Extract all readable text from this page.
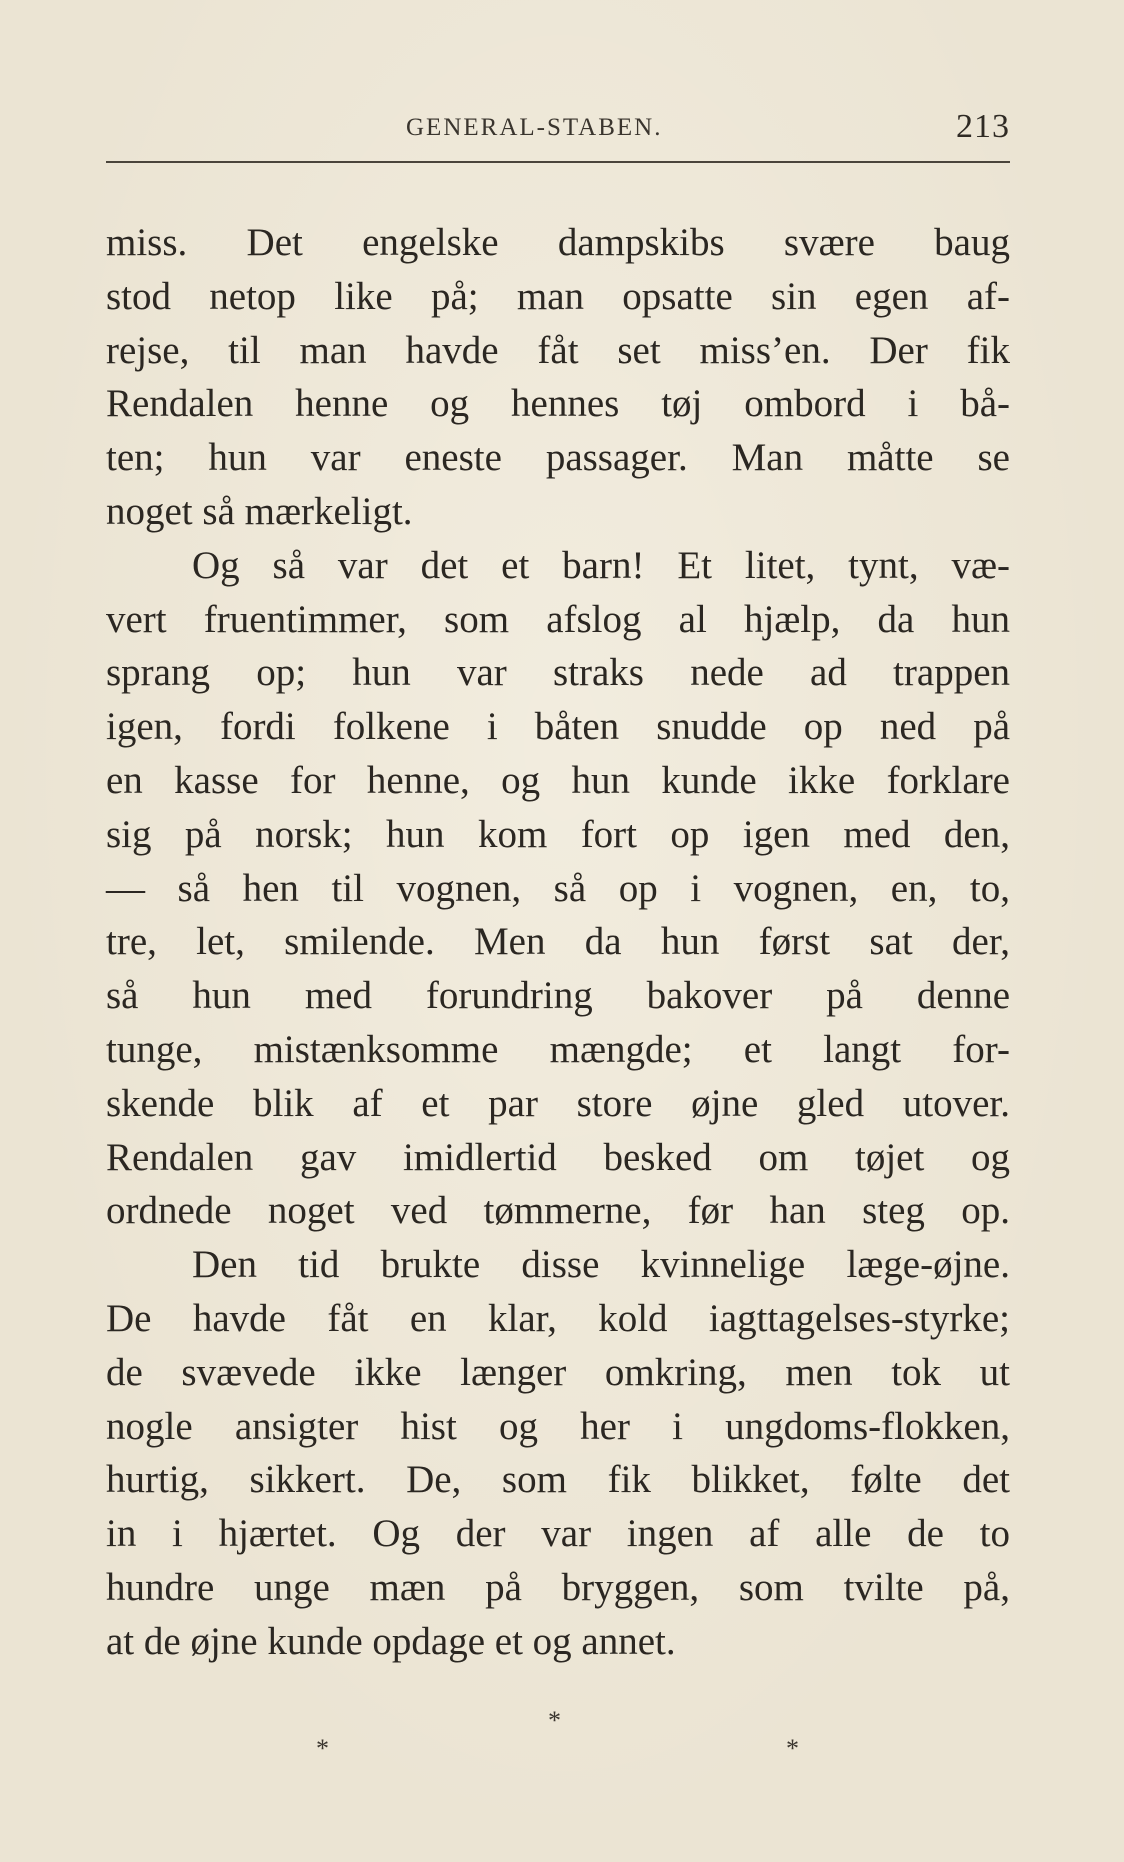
GENERAL-STABEN.	213
miss. Det engelske dampskibs svære baug
stod netop like på; man opsatte sin egen af-
rejse, til man havde fåt set miss’en. Der fik
Rendalen henne og hennes tøj ombord i bå-
ten; hun var eneste passager. Man måtte se
noget så mærkeligt.
Og så var det et barn! Et litet, tynt, væ-
vert fruentimmer, som afslog al hjælp, da hun
sprang op; hun var straks nede ad trappen
igen, fordi folkene i båten snudde op ned på
en kasse for henne, og hun kunde ikke forklare
sig på norsk; hun kom fort op igen med den,
— så hen til vognen, så op i vognen, en, to,
tre, let, smilende. Men da hun først sat der,
så hun med forundring bakover på denne
tunge, mistænksomme mængde; et langt for-
skende blik af et par store øjne gled utover.
Rendalen gav imidlertid besked om tøjet og
ordnede noget ved tømmerne, før han steg op.
Den tid brukte disse kvinnelige læge-øjne.
De havde fåt en klar, kold iagttagelses-styrke;
de svævede ikke længer omkring, men tok ut
nogle ansigter hist og her i ungdoms-flokken,
hurtig, sikkert. De, som fik blikket, følte det
in i hjærtet. Og der var ingen af alle de to
hundre unge mæn på bryggen, som tvilte på,
at de øjne kunde opdage et og annet.
*
*
*
